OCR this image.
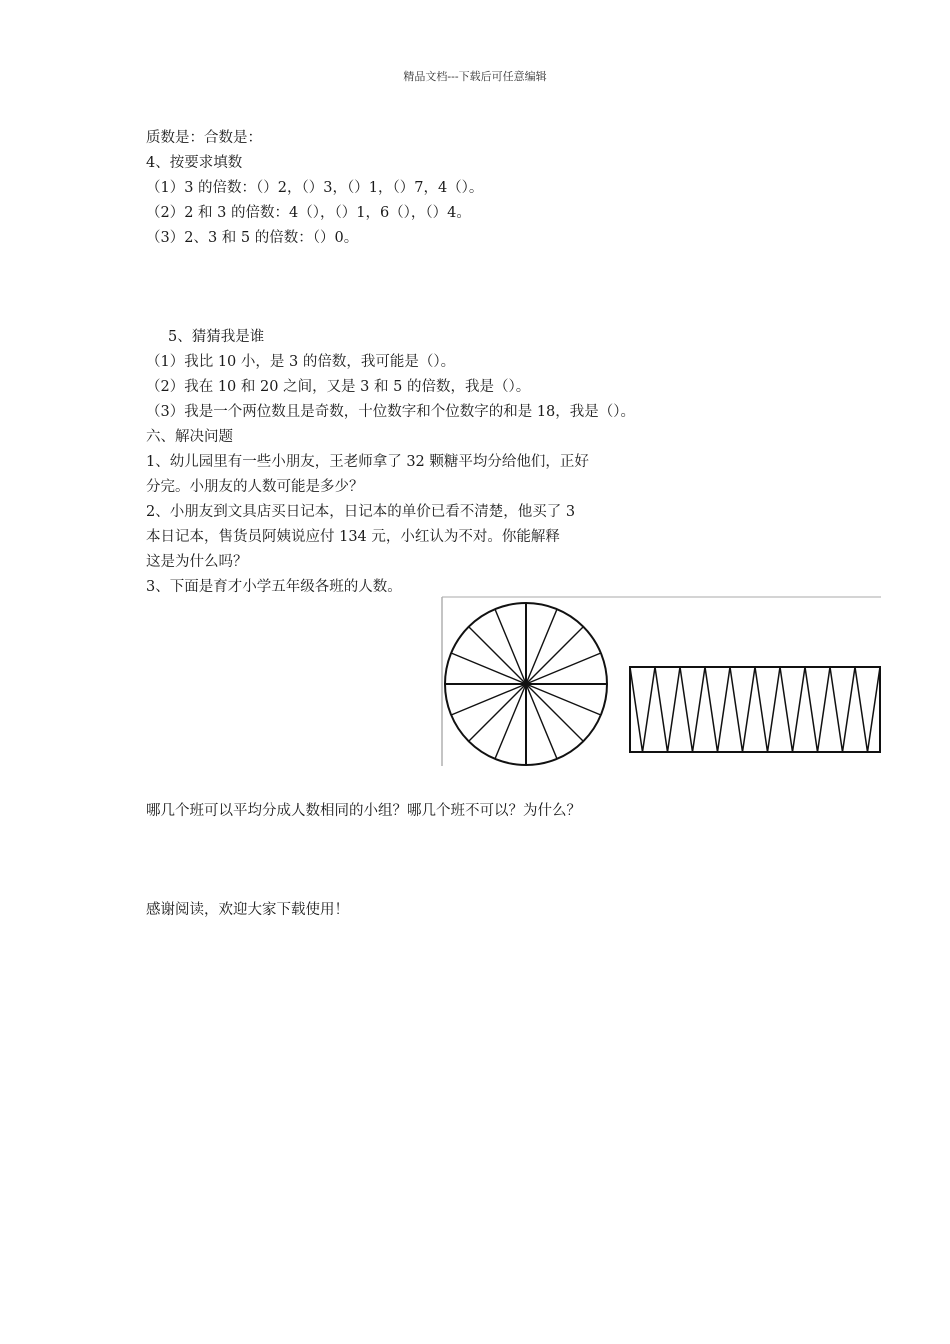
精品文档---下载后可任意编辑
质数是：合数是：
4、按要求填数
（1）3 的倍数：（）2，（）3，（）1，（）7，4（）。
（2）2 和 3 的倍数：4（），（）1，6（），（）4。
（3）2、3 和 5 的倍数：（）0。
5、猜猜我是谁
（1）我比 10 小，是 3 的倍数，我可能是（）。
（2）我在 10 和 20 之间，又是 3 和 5 的倍数，我是（）。
（3）我是一个两位数且是奇数，十位数字和个位数字的和是 18，我是（）。
六、解决问题
1、幼儿园里有一些小朋友，王老师拿了 32 颗糖平均分给他们，正好
分完。小朋友的人数可能是多少？
2、小朋友到文具店买日记本，日记本的单价已看不清楚，他买了 3
本日记本，售货员阿姨说应付 134 元，小红认为不对。你能解释
这是为什么吗？
3、下面是育才小学五年级各班的人数。
哪几个班可以平均分成人数相同的小组？哪几个班不可以？为什么？
感谢阅读，欢迎大家下载使用！
